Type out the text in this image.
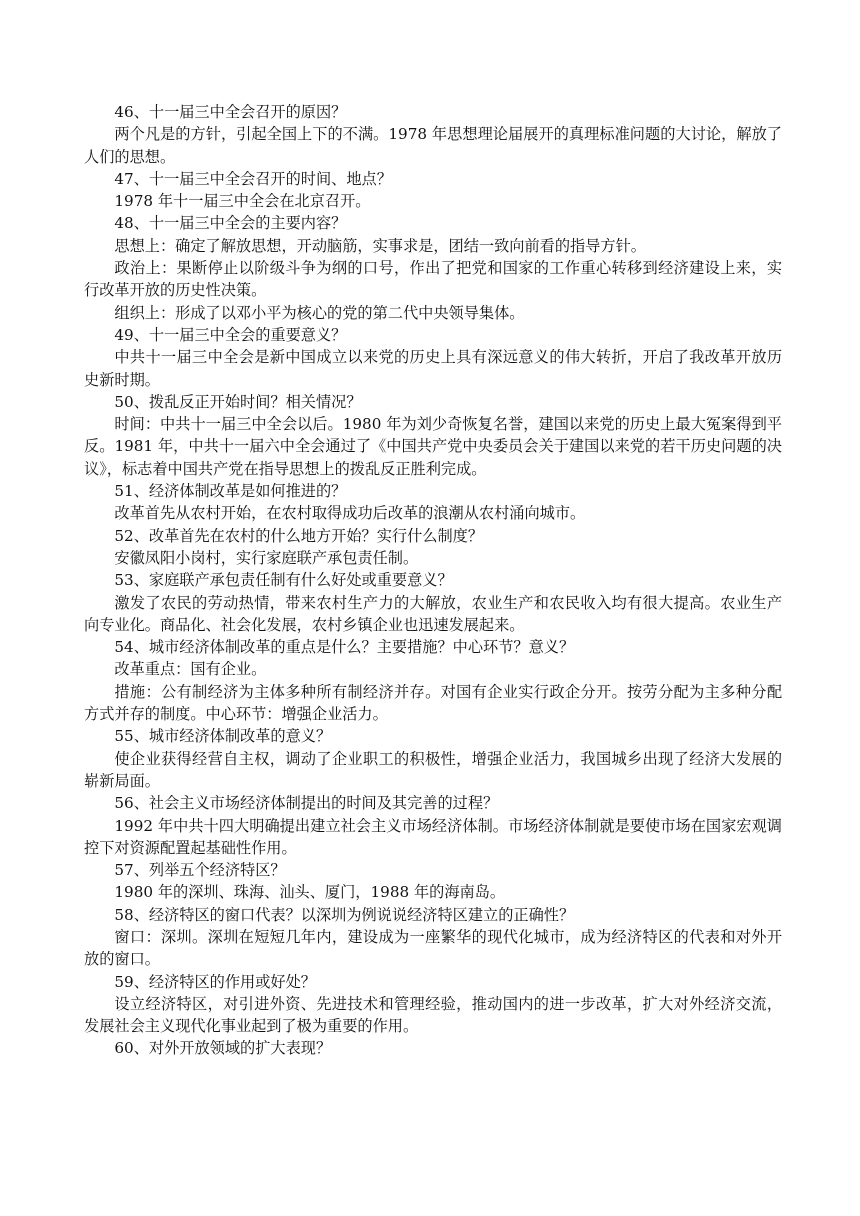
46、十一届三中全会召开的原因？

两个凡是的方针，引起全国上下的不满。1978 年思想理论届展开的真理标准问题的大讨论，解放了人们的思想。

47、十一届三中全会召开的时间、地点？

1978 年十一届三中全会在北京召开。

48、十一届三中全会的主要内容？

思想上：确定了解放思想，开动脑筋，实事求是，团结一致向前看的指导方针。

政治上：果断停止以阶级斗争为纲的口号，作出了把党和国家的工作重心转移到经济建设上来，实行改革开放的历史性决策。

组织上：形成了以邓小平为核心的党的第二代中央领导集体。

49、十一届三中全会的重要意义？

中共十一届三中全会是新中国成立以来党的历史上具有深远意义的伟大转折，开启了我改革开放历史新时期。

50、拨乱反正开始时间？相关情况？

时间：中共十一届三中全会以后。1980 年为刘少奇恢复名誉，建国以来党的历史上最大冤案得到平反。1981 年，中共十一届六中全会通过了《中国共产党中央委员会关于建国以来党的若干历史问题的决议》，标志着中国共产党在指导思想上的拨乱反正胜利完成。

51、经济体制改革是如何推进的？

改革首先从农村开始，在农村取得成功后改革的浪潮从农村涌向城市。

52、改革首先在农村的什么地方开始？实行什么制度？

安徽凤阳小岗村，实行家庭联产承包责任制。

53、家庭联产承包责任制有什么好处或重要意义？

激发了农民的劳动热情，带来农村生产力的大解放，农业生产和农民收入均有很大提高。农业生产向专业化。商品化、社会化发展，农村乡镇企业也迅速发展起来。

54、城市经济体制改革的重点是什么？主要措施？中心环节？意义？

改革重点：国有企业。

措施：公有制经济为主体多种所有制经济并存。对国有企业实行政企分开。按劳分配为主多种分配方式并存的制度。中心环节：增强企业活力。

55、城市经济体制改革的意义？

使企业获得经营自主权，调动了企业职工的积极性，增强企业活力，我国城乡出现了经济大发展的崭新局面。

56、社会主义市场经济体制提出的时间及其完善的过程？

1992 年中共十四大明确提出建立社会主义市场经济体制。市场经济体制就是要使市场在国家宏观调控下对资源配置起基础性作用。

57、列举五个经济特区？

1980 年的深圳、珠海、汕头、厦门，1988 年的海南岛。

58、经济特区的窗口代表？以深圳为例说说经济特区建立的正确性？

窗口：深圳。深圳在短短几年内，建设成为一座繁华的现代化城市，成为经济特区的代表和对外开放的窗口。

59、经济特区的作用或好处？

设立经济特区，对引进外资、先进技术和管理经验，推动国内的进一步改革，扩大对外经济交流，发展社会主义现代化事业起到了极为重要的作用。

60、对外开放领域的扩大表现？
